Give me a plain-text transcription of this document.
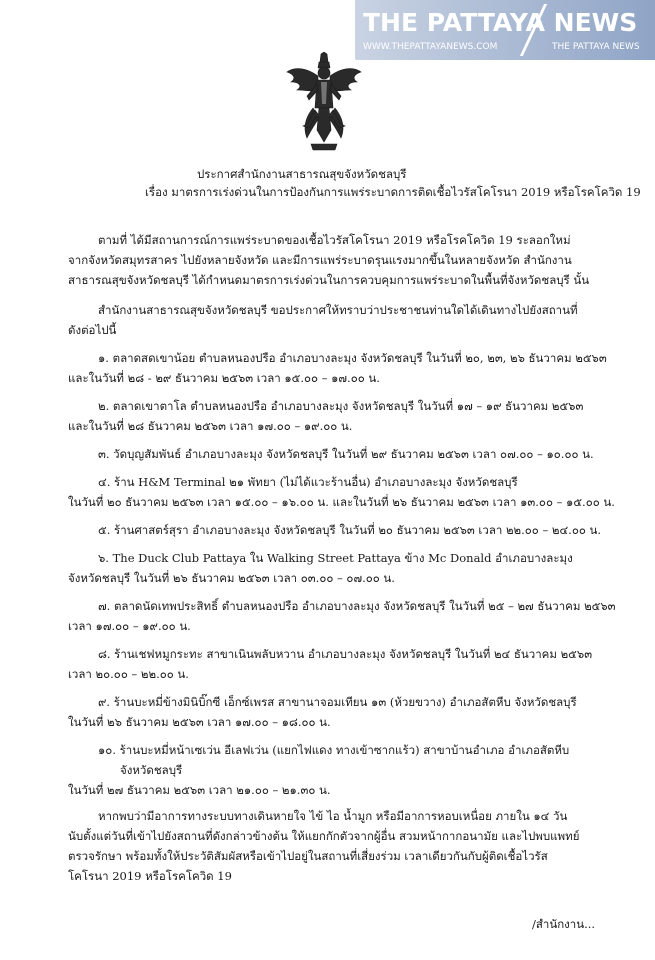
THE PATTAYA NEWS
WWW.THEPATTAYANEWS.COM	THE PATTAYA NEWS
ประกาศสำนักงานสาธารณสุขจังหวัดชลบุรี
เรื่อง มาตรการเร่งด่วนในการป้องกันการแพร่ระบาดการติดเชื้อไวรัสโคโรนา 2019 หรือโรคโควิด 19
ตามที่ ได้มีสถานการณ์การแพร่ระบาดของเชื้อไวรัสโคโรนา 2019 หรือโรคโควิด 19 ระลอกใหม่
จากจังหวัดสมุทรสาคร ไปยังหลายจังหวัด และมีการแพร่ระบาดรุนแรงมากขึ้นในหลายจังหวัด สำนักงาน
สาธารณสุขจังหวัดชลบุรี ได้กำหนดมาตรการเร่งด่วนในการควบคุมการแพร่ระบาดในพื้นที่จังหวัดชลบุรี นั้น
สำนักงานสาธารณสุขจังหวัดชลบุรี ขอประกาศให้ทราบว่าประชาชนท่านใดได้เดินทางไปยังสถานที่
ดังต่อไปนี้
๑. ตลาดสดเขาน้อย ตำบลหนองปรือ อำเภอบางละมุง จังหวัดชลบุรี ในวันที่ ๒๐, ๒๓, ๒๖ ธันวาคม ๒๕๖๓
และในวันที่ ๒๘ - ๒๙ ธันวาคม ๒๕๖๓ เวลา ๑๕.๐๐ – ๑๗.๐๐ น.
๒. ตลาดเขาตาโล ตำบลหนองปรือ อำเภอบางละมุง จังหวัดชลบุรี ในวันที่ ๑๗ – ๑๙ ธันวาคม ๒๕๖๓
และในวันที่ ๒๘ ธันวาคม ๒๕๖๓ เวลา ๑๗.๐๐ – ๑๙.๐๐ น.
๓. วัดบุญสัมพันธ์ อำเภอบางละมุง จังหวัดชลบุรี ในวันที่ ๒๙ ธันวาคม ๒๕๖๓ เวลา ๐๗.๐๐ – ๑๐.๐๐ น.
๔. ร้าน H&M Terminal ๒๑ พัทยา (ไม่ได้แวะร้านอื่น) อำเภอบางละมุง จังหวัดชลบุรี
ในวันที่ ๒๐ ธันวาคม ๒๕๖๓ เวลา ๑๕.๐๐ – ๑๖.๐๐ น. และในวันที่ ๒๖ ธันวาคม ๒๕๖๓ เวลา ๑๓.๐๐ – ๑๕.๐๐ น.
๕. ร้านศาสตร์สุรา อำเภอบางละมุง จังหวัดชลบุรี ในวันที่ ๒๐ ธันวาคม ๒๕๖๓ เวลา ๒๒.๐๐ – ๒๔.๐๐ น.
๖. The Duck Club Pattaya ใน Walking Street Pattaya ข้าง Mc Donald อำเภอบางละมุง
จังหวัดชลบุรี ในวันที่ ๒๖ ธันวาคม ๒๕๖๓ เวลา ๐๓.๐๐ – ๐๗.๐๐ น.
๗. ตลาดนัดเทพประสิทธิ์ ตำบลหนองปรือ อำเภอบางละมุง จังหวัดชลบุรี ในวันที่ ๒๕ – ๒๗ ธันวาคม ๒๕๖๓
เวลา ๑๗.๐๐ – ๑๙.๐๐ น.
๘. ร้านเชฟหมูกระทะ สาขาเนินพลับหวาน อำเภอบางละมุง จังหวัดชลบุรี ในวันที่ ๒๔ ธันวาคม ๒๕๖๓
เวลา ๒๐.๐๐ – ๒๒.๐๐ น.
๙. ร้านบะหมี่ข้างมินิบิ๊กซี เอ็กซ์เพรส สาขานาจอมเทียน ๑๓ (ห้วยขวาง) อำเภอสัตหีบ จังหวัดชลบุรี
ในวันที่ ๒๖ ธันวาคม ๒๕๖๓ เวลา ๑๗.๐๐ – ๑๘.๐๐ น.
๑๐. ร้านบะหมี่หน้าเซเว่น อีเลฟเว่น (แยกไฟแดง ทางเข้าซากแร้ว) สาขาบ้านอำเภอ อำเภอสัตหีบ
จังหวัดชลบุรี
ในวันที่ ๒๗ ธันวาคม ๒๕๖๓ เวลา ๒๑.๐๐ – ๒๑.๓๐ น.
หากพบว่ามีอาการทางระบบทางเดินหายใจ ไข้ ไอ น้ำมูก หรือมีอาการหอบเหนื่อย ภายใน ๑๔ วัน
นับตั้งแต่วันที่เข้าไปยังสถานที่ดังกล่าวข้างต้น ให้แยกกักตัวจากผู้อื่น สวมหน้ากากอนามัย และไปพบแพทย์
ตรวจรักษา พร้อมทั้งให้ประวัติสัมผัสหรือเข้าไปอยู่ในสถานที่เสี่ยงร่วม เวลาเดียวกันกับผู้ติดเชื้อไวรัส
โคโรนา 2019 หรือโรคโควิด 19
/สำนักงาน...
